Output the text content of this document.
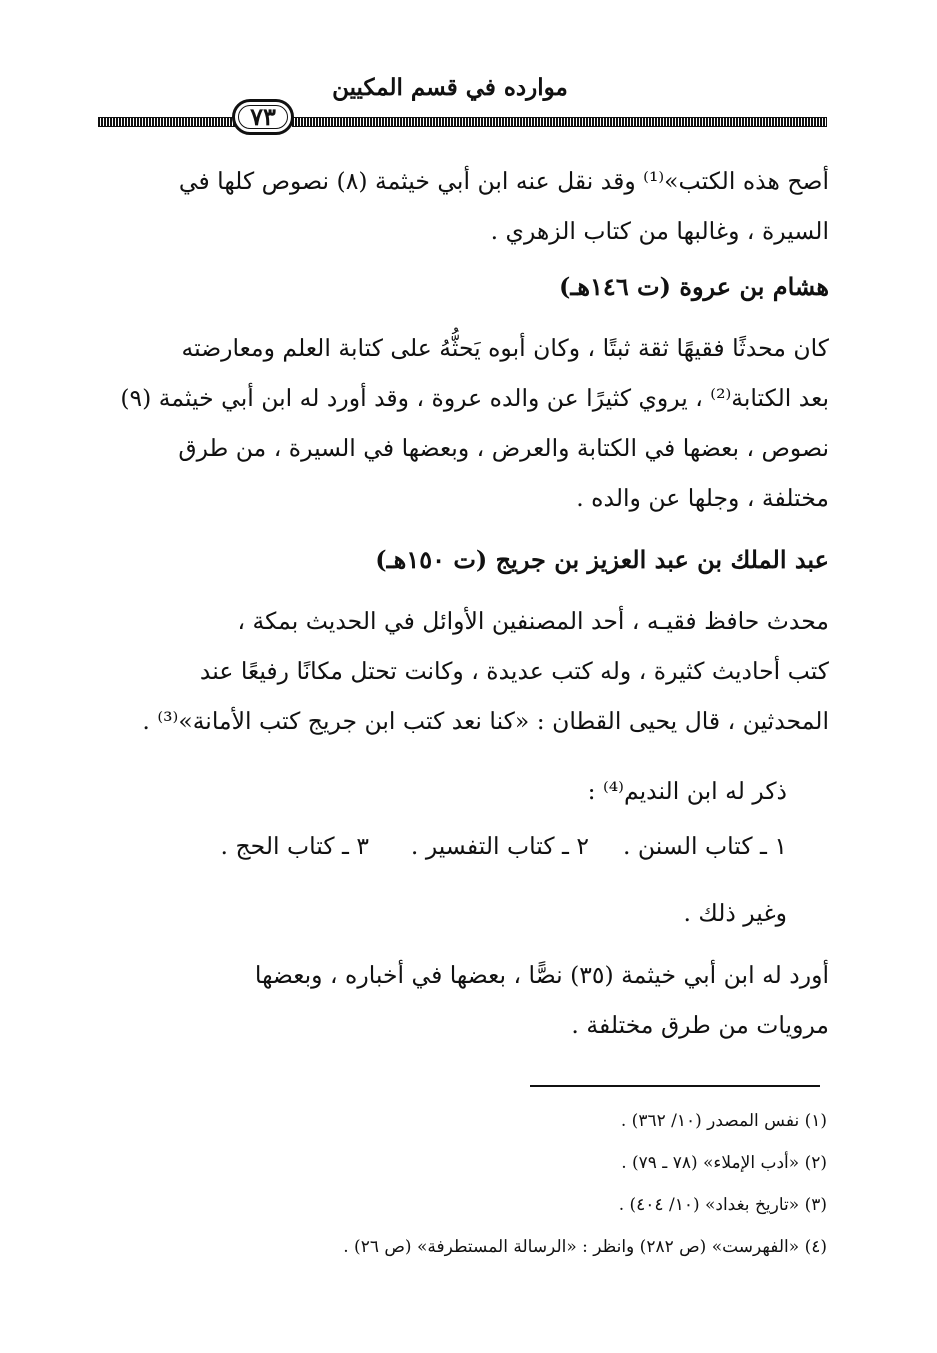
موارده في قسم المكيين
٧٣
أصح هذه الكتب»⁽¹⁾ وقد نقل عنه ابن أبي خيثمة (٨) نصوص كلها في
السيرة ، وغالبها من كتاب الزهري .
هشام بن عروة (ت ١٤٦هـ)
كان محدثًا فقيهًا ثقة ثبتًا ، وكان أبوه يَحثُّهُ على كتابة العلم ومعارضته
بعد الكتابة⁽²⁾ ، يروي كثيرًا عن والده عروة ، وقد أورد له ابن أبي خيثمة (٩)
نصوص ، بعضها في الكتابة والعرض ، وبعضها في السيرة ، من طرق
مختلفة ، وجلها عن والده .
عبد الملك بن عبد العزيز بن جريج (ت ١٥٠هـ)
محدث حافظ فقيـه ، أحد المصنفين الأوائل في الحديث بمكة ،
كتب أحاديث كثيرة ، وله كتب عديدة ، وكانت تحتل مكانًا رفيعًا عند
المحدثين ، قال يحيى القطان : «كنا نعد كتب ابن جريج كتب الأمانة»⁽³⁾ .
ذكر له ابن النديم⁽⁴⁾ :
١ ـ كتاب السنن .
٢ ـ كتاب التفسير .
٣ ـ كتاب الحج .
وغير ذلك .
أورد له ابن أبي خيثمة (٣٥) نصًّا ، بعضها في أخباره ، وبعضها
مرويات من طرق مختلفة .
(١) نفس المصدر (١٠/ ٣٦٢) .
(٢) «أدب الإملاء» (٧٨ ـ ٧٩) .
(٣) «تاريخ بغداد» (١٠/ ٤٠٤) .
(٤) «الفهرست» (ص ٢٨٢) وانظر : «الرسالة المستطرفة» (ص ٢٦) .
